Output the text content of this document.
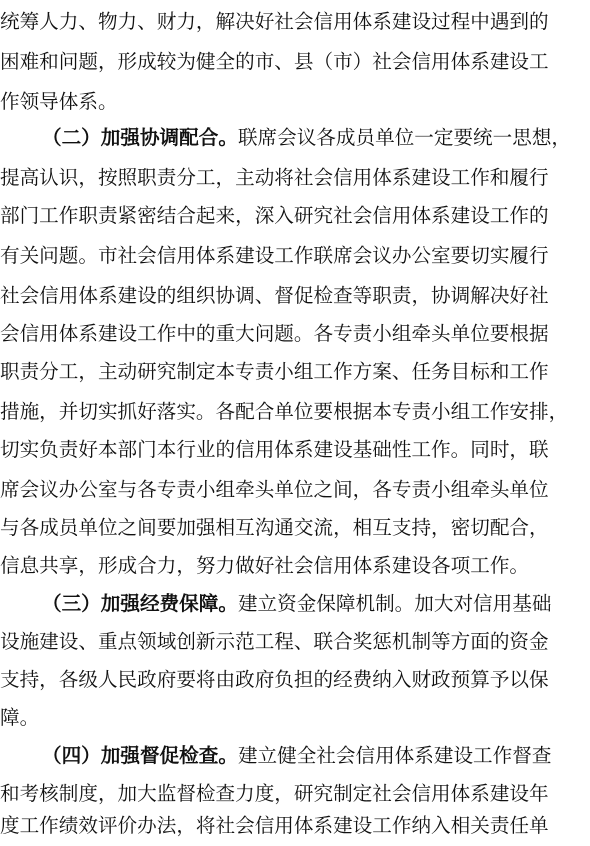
统筹人力、物力、财力，解决好社会信用体系建设过程中遇到的
困难和问题，形成较为健全的市、县（市）社会信用体系建设工
作领导体系。
（二）加强协调配合。联席会议各成员单位一定要统一思想，
提高认识，按照职责分工，主动将社会信用体系建设工作和履行
部门工作职责紧密结合起来，深入研究社会信用体系建设工作的
有关问题。市社会信用体系建设工作联席会议办公室要切实履行
社会信用体系建设的组织协调、督促检查等职责，协调解决好社
会信用体系建设工作中的重大问题。各专责小组牵头单位要根据
职责分工，主动研究制定本专责小组工作方案、任务目标和工作
措施，并切实抓好落实。各配合单位要根据本专责小组工作安排，
切实负责好本部门本行业的信用体系建设基础性工作。同时，联
席会议办公室与各专责小组牵头单位之间，各专责小组牵头单位
与各成员单位之间要加强相互沟通交流，相互支持，密切配合，
信息共享，形成合力，努力做好社会信用体系建设各项工作。
（三）加强经费保障。建立资金保障机制。加大对信用基础
设施建设、重点领域创新示范工程、联合奖惩机制等方面的资金
支持，各级人民政府要将由政府负担的经费纳入财政预算予以保
障。
（四）加强督促检查。建立健全社会信用体系建设工作督查
和考核制度，加大监督检查力度，研究制定社会信用体系建设年
度工作绩效评价办法，将社会信用体系建设工作纳入相关责任单
